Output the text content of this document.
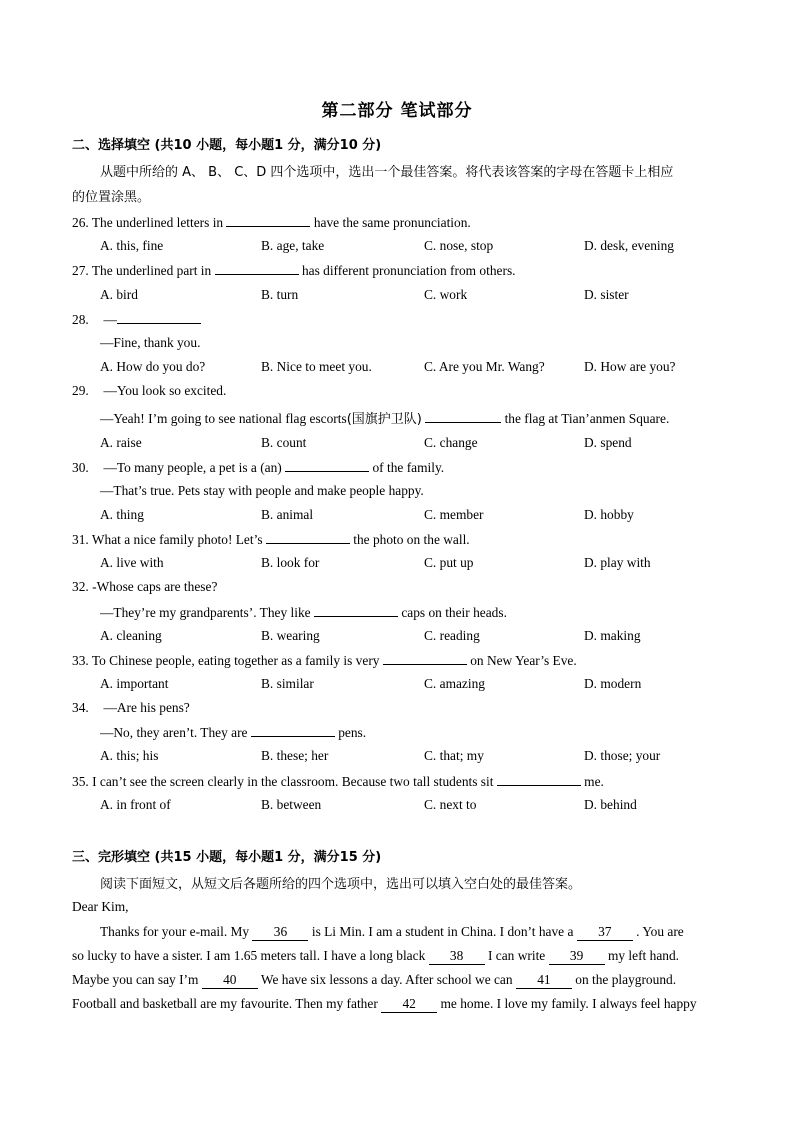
第二部分 笔试部分
二、选择填空 (共10 小题，每小题1 分，满分10 分)
从题中所给的 A、 B、 C、D 四个选项中，选出一个最佳答案。将代表该答案的字母在答题卡上相应
的位置涂黑。
26. The underlined letters in	have the same pronunciation.
A. this, fine	B. age, take	C. nose, stop	D. desk, evening
27. The underlined part in	has different pronunciation from others.
A. bird	B. turn	C. work	D. sister
28. —
—Fine, thank you.
A. How do you do?	B. Nice to meet you.	C. Are you Mr. Wang?	D. How are you?
29. —You look so excited.
—Yeah! I’m going to see national flag escorts(国旗护卫队)	the flag at Tian’anmen Square.
A. raise	B. count	C. change	D. spend
30. —To many people, a pet is a (an)	of the family.
—That’s true. Pets stay with people and make people happy.
A. thing	B. animal	C. member	D. hobby
31. What a nice family photo! Let’s	the photo on the wall.
A. live with	B. look for	C. put up	D. play with
32. -Whose caps are these?
—They’re my grandparents’. They like	caps on their heads.
A. cleaning	B. wearing	C. reading	D. making
33. To Chinese people, eating together as a family is very	on New Year’s Eve.
A. important	B. similar	C. amazing	D. modern
34. —Are his pens?
—No, they aren’t. They are	pens.
A. this; his	B. these; her	C. that; my	D. those; your
35. I can’t see the screen clearly in the classroom. Because two tall students sit	me.
A. in front of	B. between	C. next to	D. behind
三、完形填空 (共15 小题，每小题1 分，满分15 分)
阅读下面短文，从短文后各题所给的四个选项中，选出可以填入空白处的最佳答案。
Dear Kim,
Thanks for your e-mail. My 36 is Li Min. I am a student in China. I don’t have a 37 . You are
so lucky to have a sister. I am 1.65 meters tall. I have a long black 38 I can write 39 my left hand.
Maybe you can say I’m 40 We have six lessons a day. After school we can 41 on the playground.
Football and basketball are my favourite. Then my father 42 me home. I love my family. I always feel happy
